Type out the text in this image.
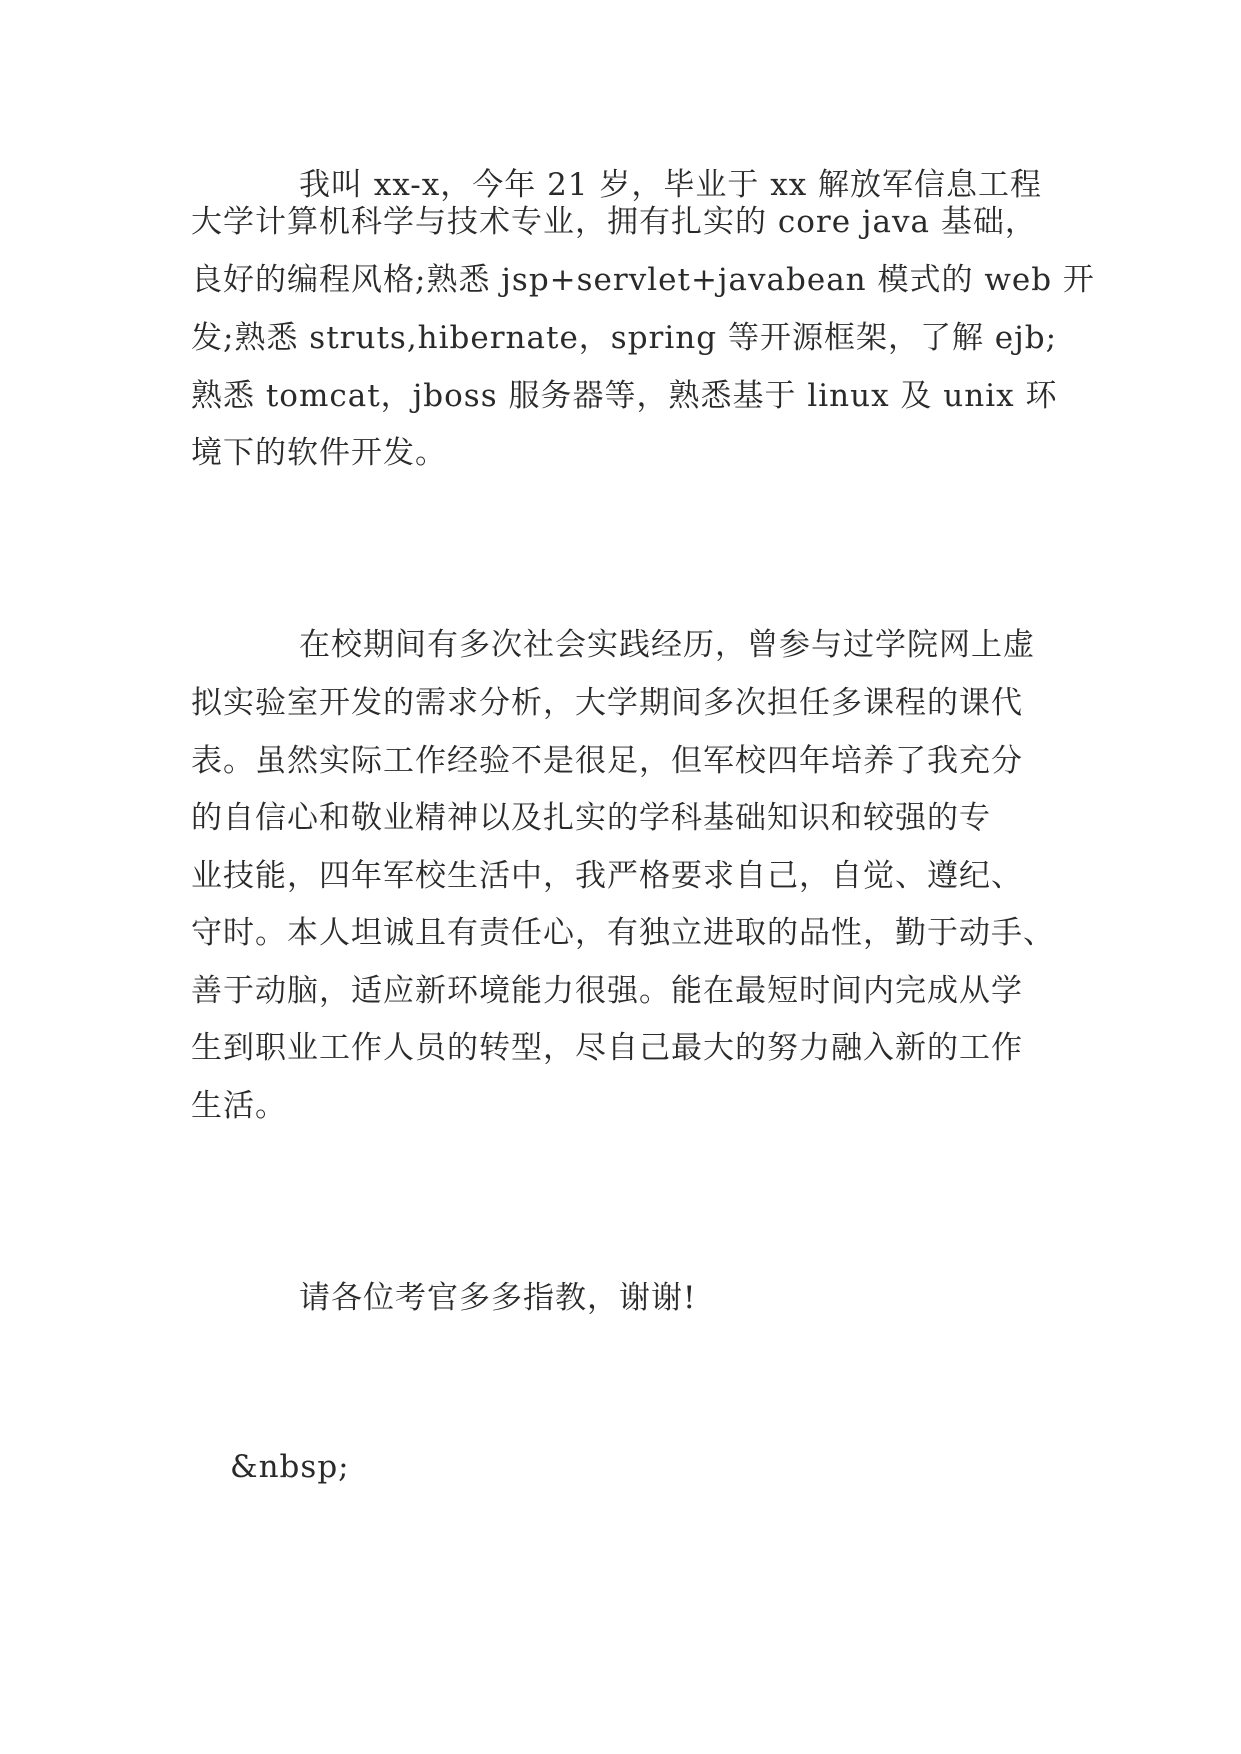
我叫 xx-x，今年 21 岁，毕业于 xx 解放军信息工程
大学计算机科学与技术专业，拥有扎实的 core java 基础，
良好的编程风格;熟悉 jsp+servlet+javabean 模式的 web 开
发;熟悉 struts,hibernate，spring 等开源框架，了解 ejb;
熟悉 tomcat，jboss 服务器等，熟悉基于 linux 及 unix 环
境下的软件开发。
在校期间有多次社会实践经历，曾参与过学院网上虚
拟实验室开发的需求分析，大学期间多次担任多课程的课代
表。虽然实际工作经验不是很足，但军校四年培养了我充分
的自信心和敬业精神以及扎实的学科基础知识和较强的专
业技能，四年军校生活中，我严格要求自己，自觉、遵纪、
守时。本人坦诚且有责任心，有独立进取的品性，勤于动手、
善于动脑，适应新环境能力很强。能在最短时间内完成从学
生到职业工作人员的转型，尽自己最大的努力融入新的工作
生活。
请各位考官多多指教，谢谢!
&nbsp;
